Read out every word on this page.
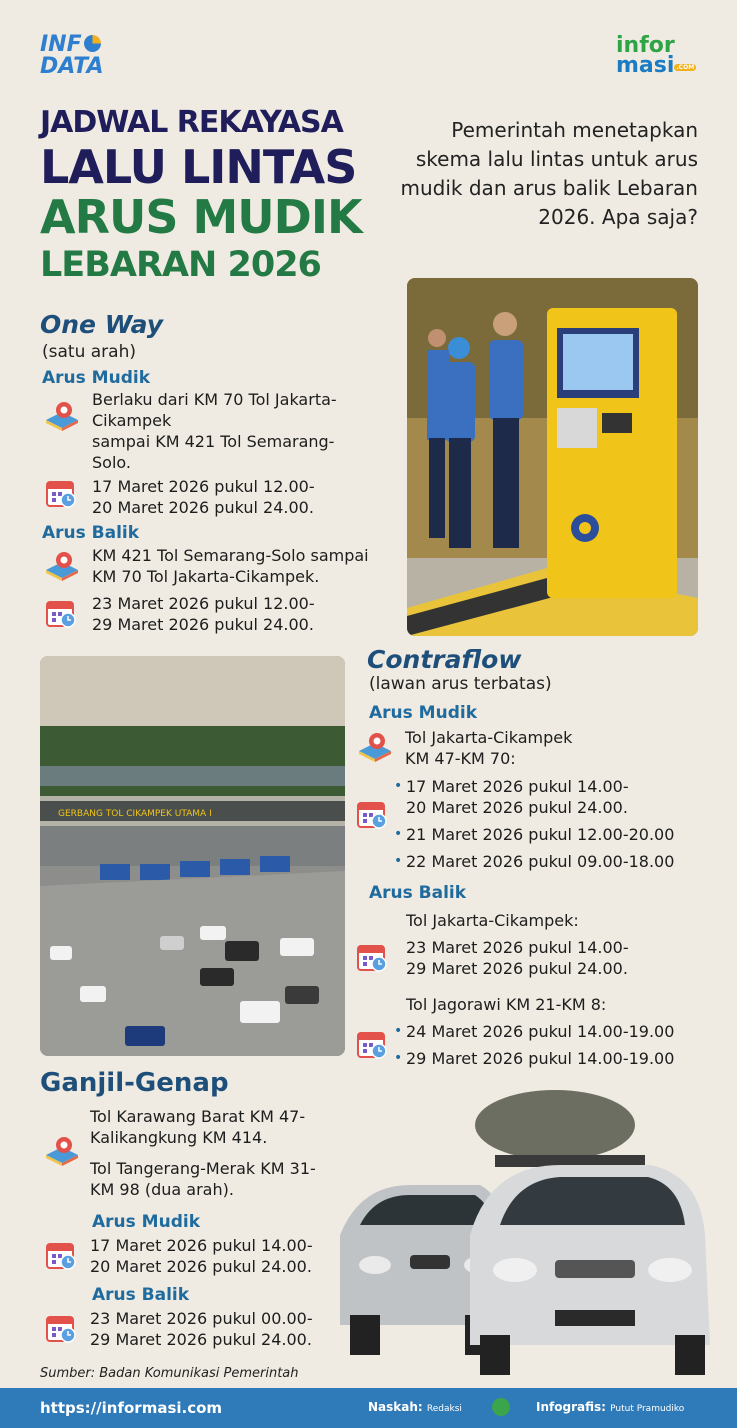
INF
DATA
infor
masi .COM
JADWAL REKAYASA
LALU LINTAS
ARUS MUDIK
LEBARAN 2026
Pemerintah menetapkan skema lalu lintas untuk arus mudik dan arus balik Lebaran 2026. Apa saja?
One Way
(satu arah)
Arus Mudik
Berlaku dari KM 70 Tol Jakarta-
Cikampek
sampai KM 421 Tol Semarang-
Solo.
17 Maret 2026 pukul 12.00-
20 Maret 2026 pukul 24.00.
Arus Balik
KM 421 Tol Semarang-Solo sampai
KM 70 Tol Jakarta-Cikampek.
23 Maret 2026 pukul 12.00-
29 Maret 2026 pukul 24.00.
Contraflow
(lawan arus terbatas)
Arus Mudik
Tol Jakarta-Cikampek
KM 47-KM 70:
• 17 Maret 2026 pukul 14.00-
20 Maret 2026 pukul 24.00.
• 21 Maret 2026 pukul 12.00-20.00
• 22 Maret 2026 pukul 09.00-18.00
Arus Balik
Tol Jakarta-Cikampek:
23 Maret 2026 pukul 14.00-
29 Maret 2026 pukul 24.00.
Tol Jagorawi KM 21-KM 8:
• 24 Maret 2026 pukul 14.00-19.00
• 29 Maret 2026 pukul 14.00-19.00
GERBANG TOL CIKAMPEK UTAMA I
Ganjil-Genap
Tol Karawang Barat KM 47-
Kalikangkung KM 414.
Tol Tangerang-Merak KM 31-
KM 98 (dua arah).
Arus Mudik
17 Maret 2026 pukul 14.00-
20 Maret 2026 pukul 24.00.
Arus Balik
23 Maret 2026 pukul 00.00-
29 Maret 2026 pukul 24.00.
Sumber: Badan Komunikasi Pemerintah
https://informasi.com	Naskah: Redaksi	Infografis: Putut Pramudiko
